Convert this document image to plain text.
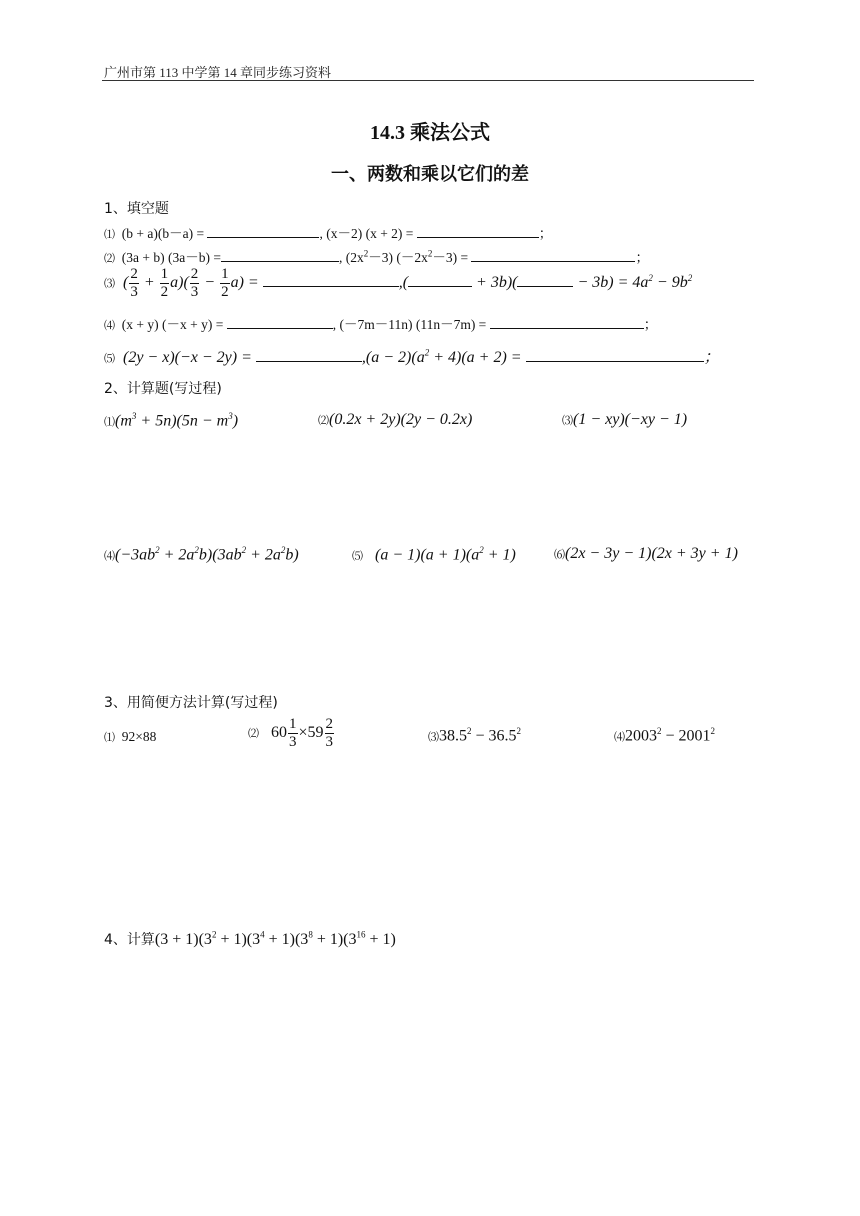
广州市第 113 中学第 14 章同步练习资料
14.3 乘法公式
一、两数和乘以它们的差
1、填空题
⑴ (b + a)(b－a) =	, (x－2) (x + 2) =	；
⑵ (3a + b) (3a－b) =	, $(2x^2-3) (-2x^2-3)$ =	；
⑶ ( $\frac{2}{3} + \frac{1}{2} a)( \frac{2}{3} - \frac{1}{2} a)$ =	,(	+ 3b)(	− $3b) = 4a^2 - 9b^2$
⑷ (x + y) (－x + y) =	, (－7m－11n) (11n－7m) =	；
⑸ (2y − x)(−x − 2y) =	$,(a - 2)(a^2 + 4)(a + 2)$ =	；
2、计算题(写过程)
$⑴(m^3 + 5n)(5n - m^3)$	⑵(0.2x + 2y)(2y − 0.2x)	⑶(1 − xy)(−xy − 1)
$⑷(-3ab^2 + 2a^2b)(3ab^2 + 2a^2b)$	⑸ $(a - 1)(a + 1)(a^2 + 1)$	⑹(2x − 3y − 1)(2x + 3y + 1)
3、用简便方法计算(写过程)
⑴ 92×88	⑵ $60 \frac{1}{3} \times 59 \frac{2}{3}$	$⑶38.5^2 - 36.5^2$
$⑷2003^2 - 2001^2$
4、计算$(3 + 1)(3^2 + 1)(3^4 + 1)(3^8 + 1)(3^{16} + 1)$
